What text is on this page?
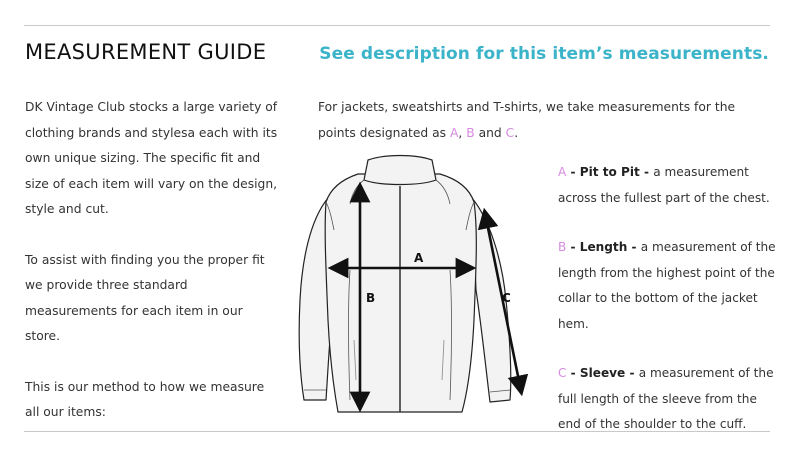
MEASUREMENT GUIDE	See description for this item’s measurements.

DK Vintage Club stocks a large variety of clothing brands and stylesa each with its own unique sizing. The specific fit and size of each item will vary on the design, style and cut.

To assist with finding you the proper fit we provide three standard measurements for each item in our store.

This is our method to how we measure all our items:

For jackets, sweatshirts and T-shirts, we take measurements for the points designated as A, B and C.
A
B	C
A - Pit to Pit - a measurement across the fullest part of the chest.
B - Length - a measurement of the length from the highest point of the collar to the bottom of the jacket hem.
C - Sleeve - a measurement of the full length of the sleeve from the end of the shoulder to the cuff.
